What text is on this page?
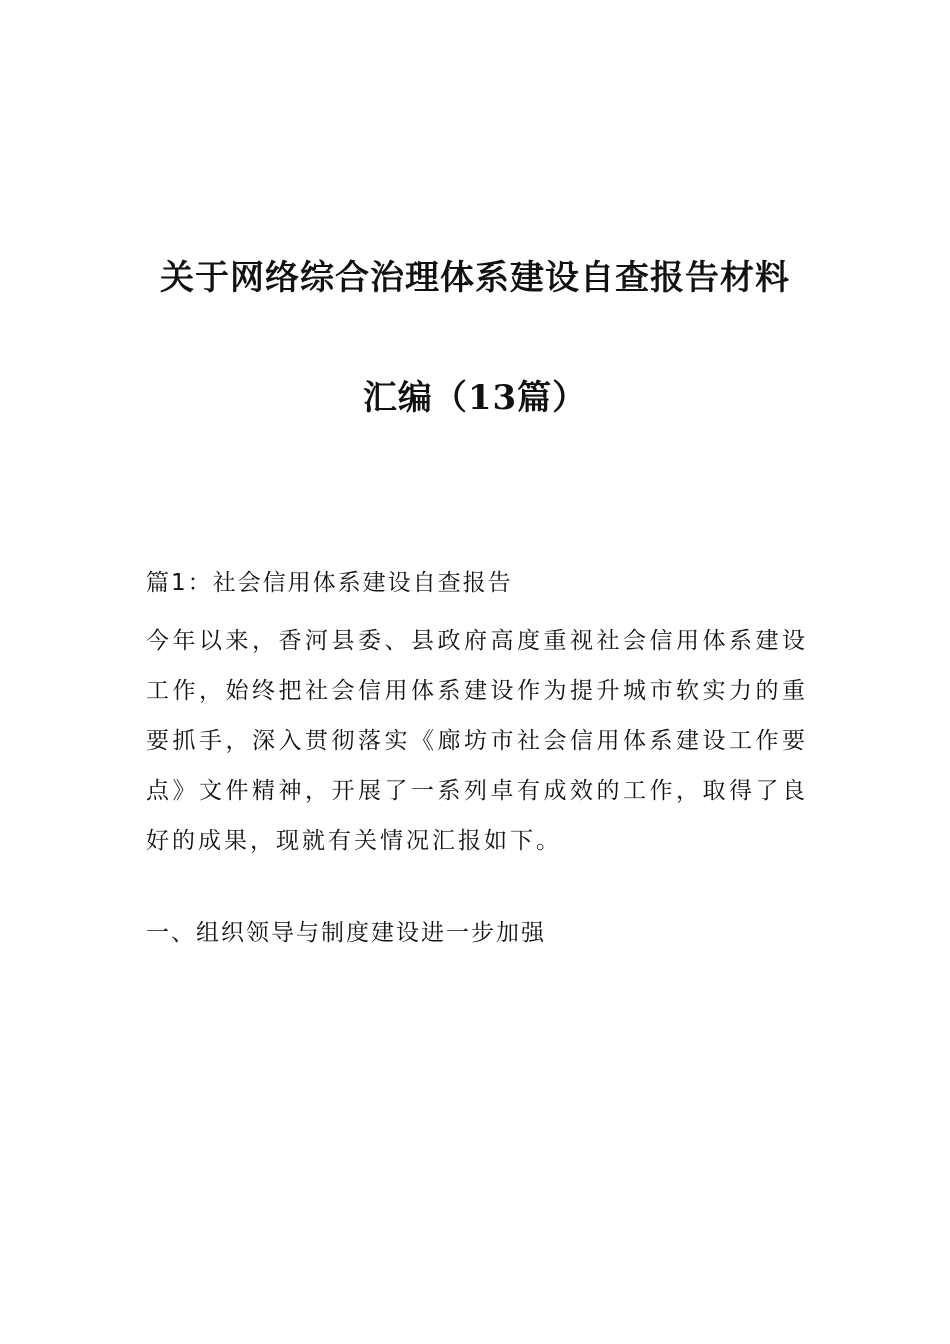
关于网络综合治理体系建设自查报告材料
汇编（13篇）
篇1：社会信用体系建设自查报告
今年以来，香河县委、县政府高度重视社会信用体系建设工作，始终把社会信用体系建设作为提升城市软实力的重要抓手，深入贯彻落实《廊坊市社会信用体系建设工作要点》文件精神，开展了一系列卓有成效的工作，取得了良好的成果，现就有关情况汇报如下。
一、组织领导与制度建设进一步加强
